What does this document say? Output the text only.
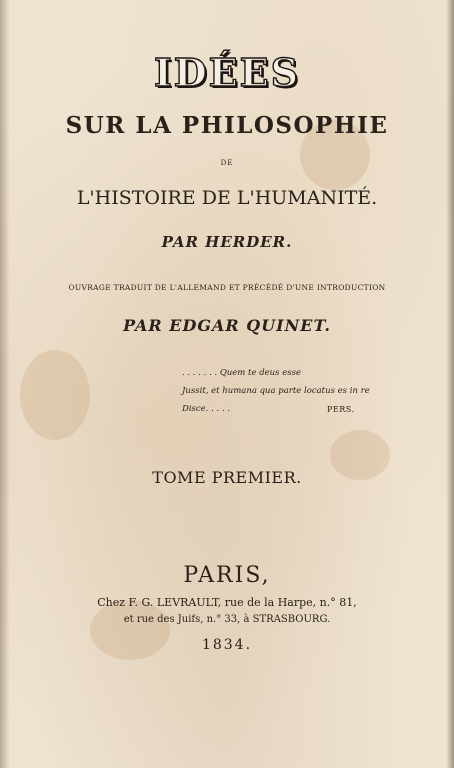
IDÉES
SUR LA PHILOSOPHIE
DE
L'HISTOIRE DE L'HUMANITÉ.
PAR HERDER.
OUVRAGE TRADUIT DE L'ALLEMAND ET PRÉCÉDÉ D'UNE INTRODUCTION
PAR EDGAR QUINET.
. . . . . . . Quem te deus esse
Jussit, et humana qua parte locatus es in re
Disce. . . . .	PERS.
TOME PREMIER.
PARIS,
Chez F. G. LEVRAULT, rue de la Harpe, n.° 81,
et rue des Juifs, n.° 33, à STRASBOURG.
1834.
